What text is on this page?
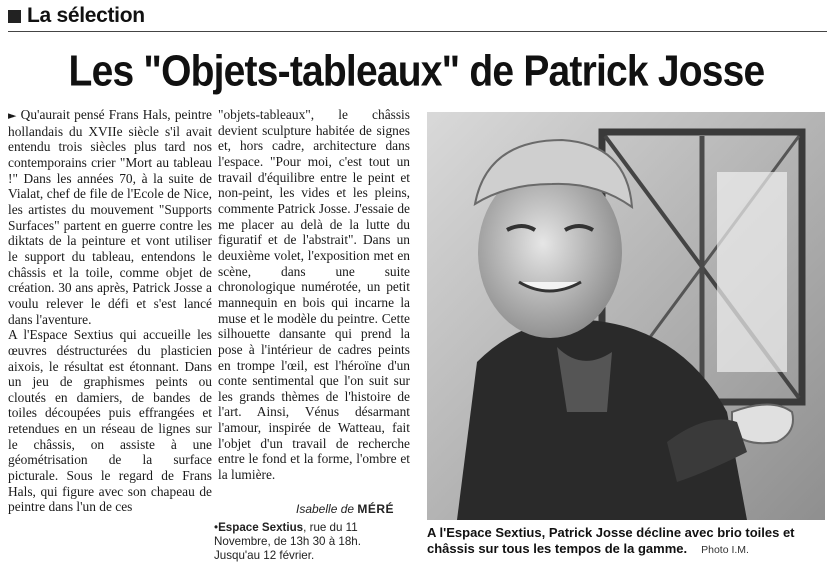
La sélection
Les "Objets-tableaux" de Patrick Josse

► Qu'aurait pensé Frans Hals, peintre hollandais du XVIIe siècle s'il avait entendu trois siècles plus tard nos contemporains crier "Mort au tableau !" Dans les années 70, à la suite de Vialat, chef de file de l'Ecole de Nice, les artistes du mouvement "Supports Surfaces" partent en guerre contre les diktats de la peinture et vont utiliser le support du tableau, entendons le châssis et la toile, comme objet de création. 30 ans après, Patrick Josse a voulu relever le défi et s'est lancé dans l'aventure.

A l'Espace Sextius qui accueille les œuvres déstructurées du plasticien aixois, le résultat est étonnant. Dans un jeu de graphismes peints ou cloutés en damiers, de bandes de toiles découpées puis effrangées et retendues en un réseau de lignes sur le châssis, on assiste à une géométrisation de la surface picturale. Sous le regard de Frans Hals, qui figure avec son chapeau de peintre dans l'un de ces

"objets-tableaux", le châssis devient sculpture habitée de signes et, hors cadre, architecture dans l'espace. "Pour moi, c'est tout un travail d'équilibre entre le peint et non-peint, les vides et les pleins, commente Patrick Josse. J'essaie de me placer au delà de la lutte du figuratif et de l'abstrait". Dans un deuxième volet, l'exposition met en scène, dans une suite chronologique numérotée, un petit mannequin en bois qui incarne la muse et le modèle du peintre. Cette silhouette dansante qui prend la pose à l'intérieur de cadres peints en trompe l'œil, est l'héroïne d'un conte sentimental que l'on suit sur les grands thèmes de l'histoire de l'art. Ainsi, Vénus désarmant l'amour, inspirée de Watteau, fait l'objet d'un travail de recherche entre le fond et la forme, l'ombre et la lumière.

Isabelle de MÉRÉ
•Espace Sextius, rue du 11 Novembre, de 13h 30 à 18h. Jusqu'au 12 février.
A l'Espace Sextius, Patrick Josse décline avec brio toiles et châssis sur tous les tempos de la gamme. Photo I.M.
